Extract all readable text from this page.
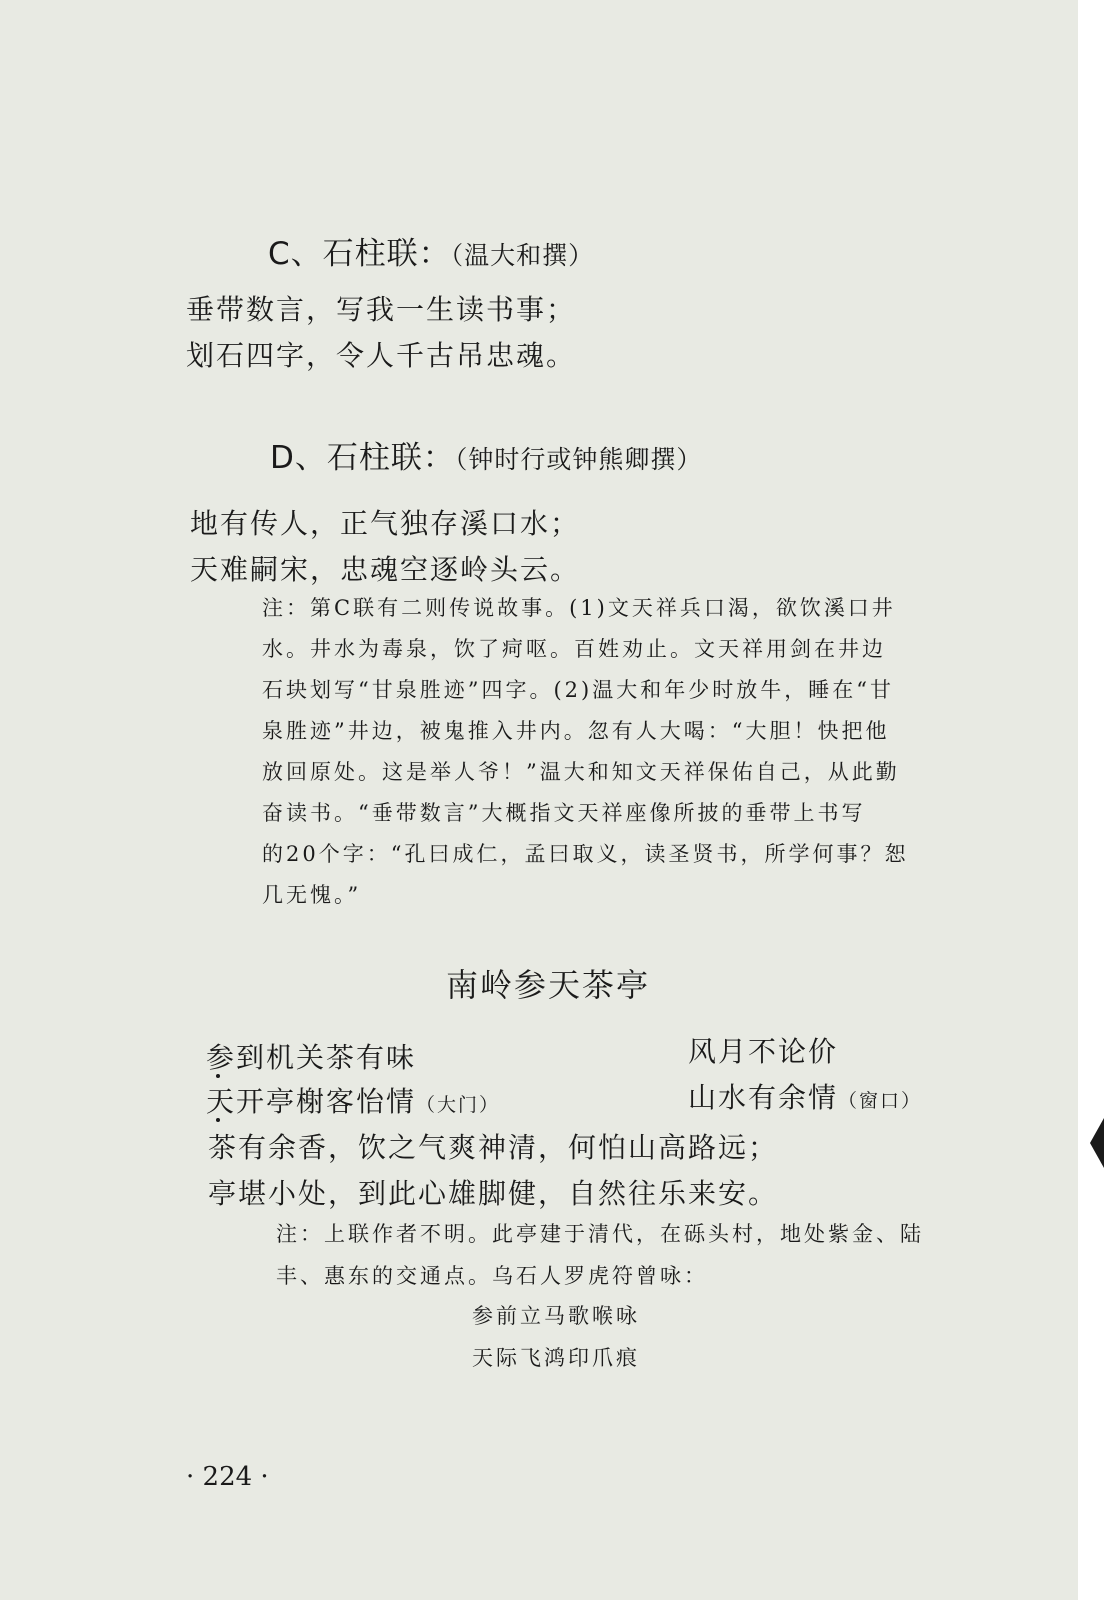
C、石柱联：（温大和撰）
垂带数言，写我一生读书事；
划石四字，令人千古吊忠魂。
D、石柱联：（钟时行或钟熊卿撰）
地有传人，正气独存溪口水；
天难嗣宋，忠魂空逐岭头云。
注：第C联有二则传说故事。(1)文天祥兵口渴，欲饮溪口井
水。井水为毒泉，饮了疴呕。百姓劝止。文天祥用剑在井边
石块划写“甘泉胜迹”四字。(2)温大和年少时放牛，睡在“甘
泉胜迹”井边，被鬼推入井内。忽有人大喝：“大胆！快把他
放回原处。这是举人爷！”温大和知文天祥保佑自己，从此勤
奋读书。“垂带数言”大概指文天祥座像所披的垂带上书写
的20个字：“孔曰成仁，孟曰取义，读圣贤书，所学何事？恕
几无愧。”
南岭参天茶亭
参到机关茶有味
天开亭榭客怡情（大门）
风月不论价
山水有余情（窗口）
茶有余香，饮之气爽神清，何怕山高路远；
亭堪小处，到此心雄脚健，自然往乐来安。
注：上联作者不明。此亭建于清代，在砾头村，地处紫金、陆
丰、惠东的交通点。乌石人罗虎符曾咏：
参前立马歌喉咏
天际飞鸿印爪痕
· 224 ·
